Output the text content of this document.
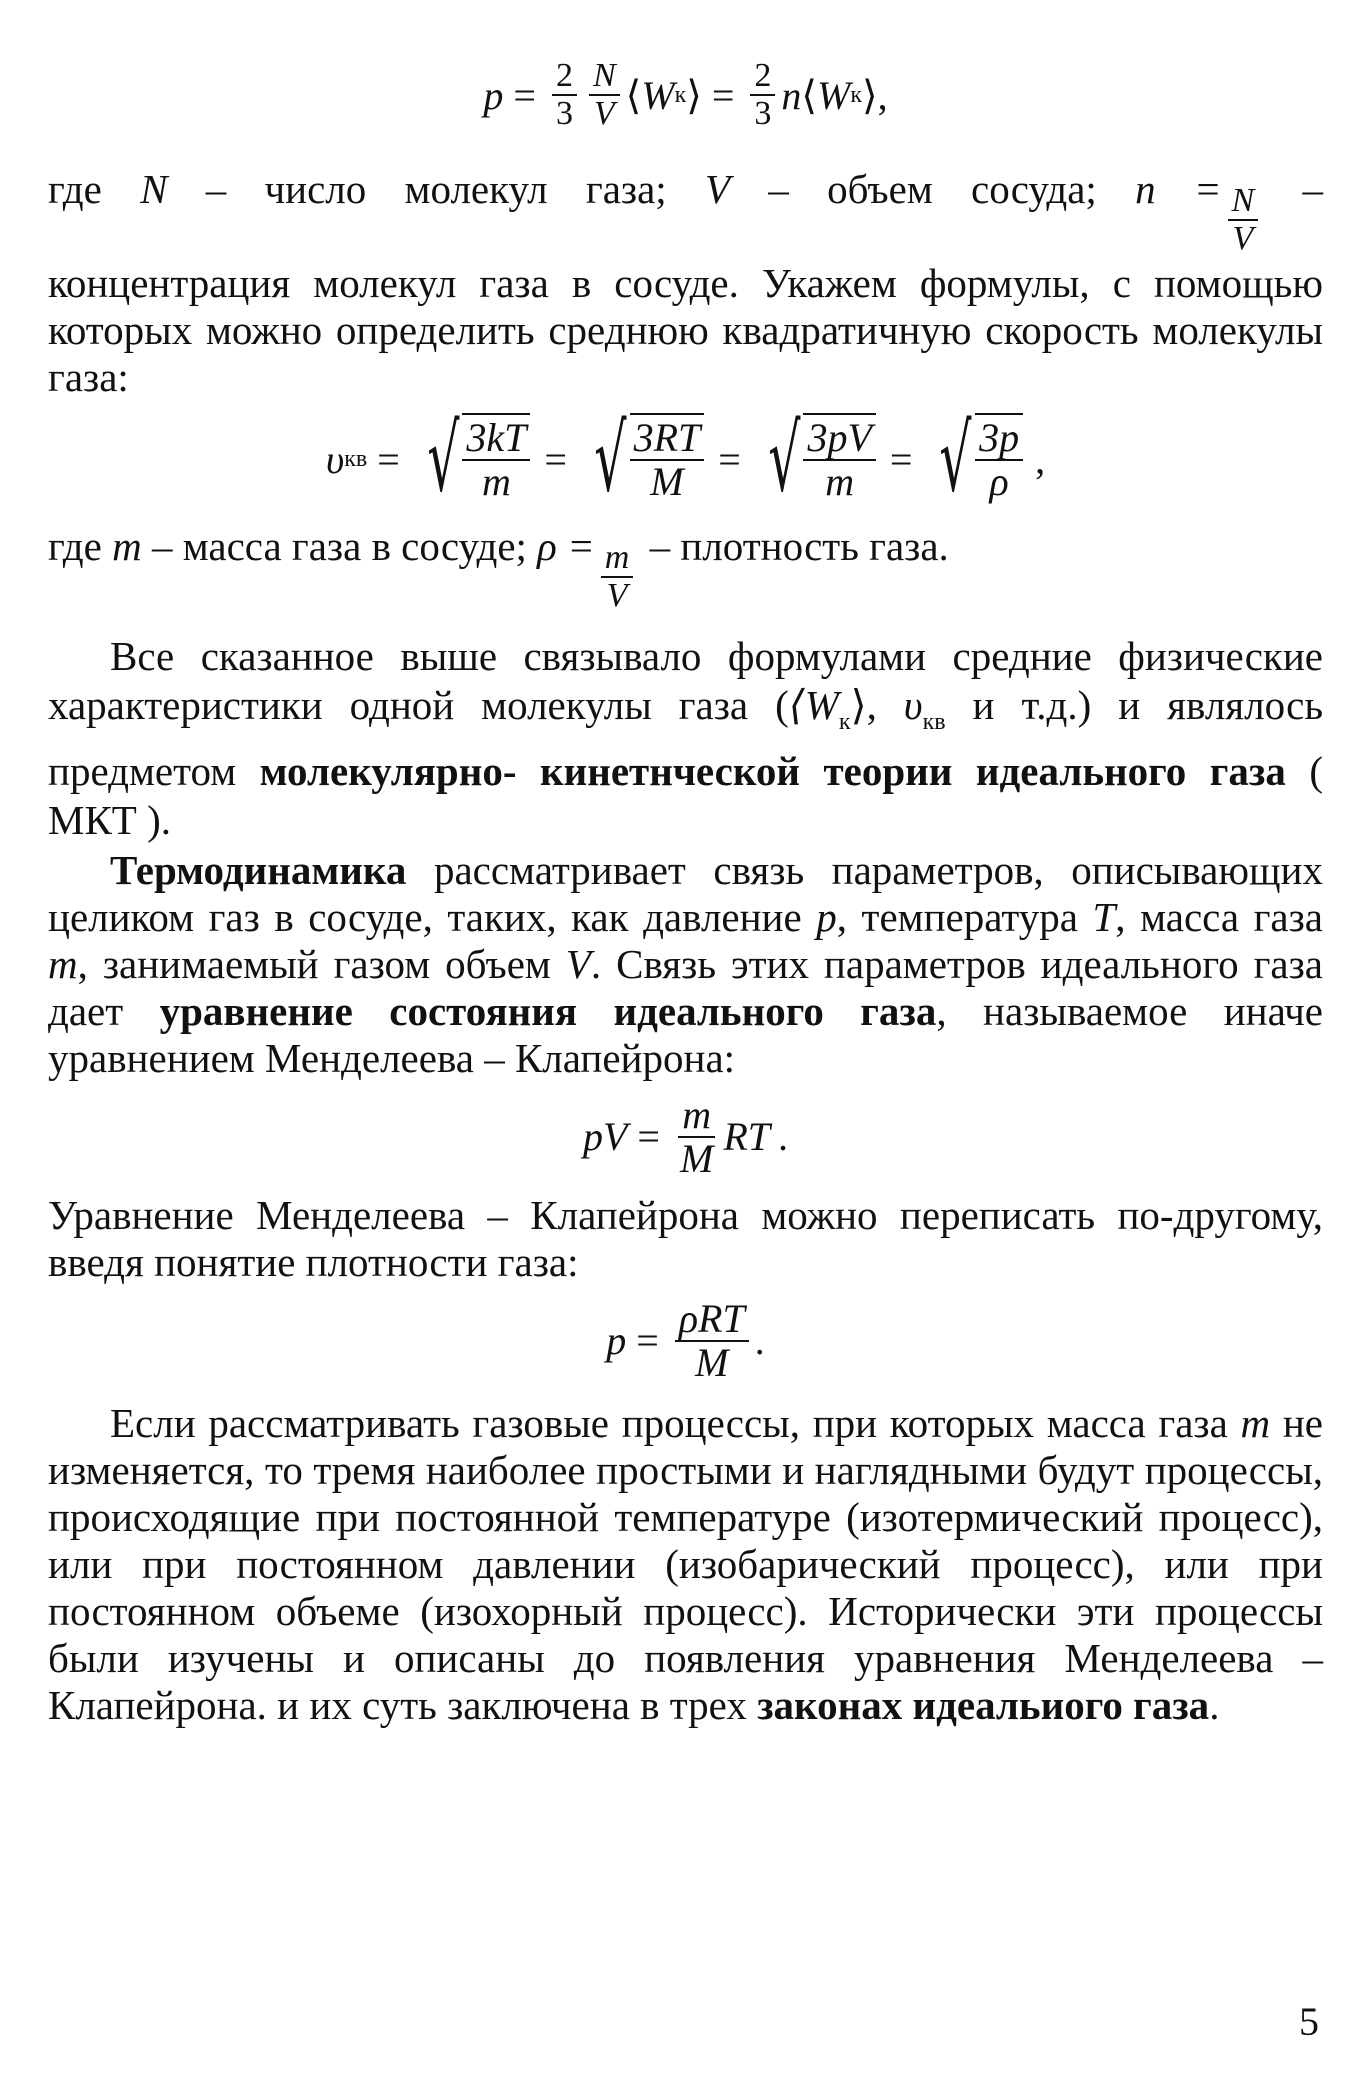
$p = \frac{2}{3} \frac{N}{V}$ ⟨ W к ⟩ = $\frac{2}{3}$ n ⟨ W к ⟩ ,

где N – число молекул газа; V – объем сосуда; $n = \frac{N}{V}$ –

концентрация молекул газа в сосуде. Укажем формулы, с помощью которых можно определить среднюю квадратичную скорость молекулы газа:

υ кв = √ $\frac{3kT}{m}$ = √ $\frac{3RT}{M}$ = √ $\frac{3pV}{m}$ = √ $\frac{3p}{\rho}$ ,

где m – масса газа в сосуде; $\rho = \frac{m}{V}$ – плотность газа.

Все сказанное выше связывало формулами средние физические характеристики одной молекулы газа ($⟨W_к⟩$, $\upsilon_{кв}$ и т.д.) и являлось предметом молекулярно- кинетнческой теории идеального газа ( МКТ ).

Термодинамика рассматривает связь параметров, описывающих целиком газ в сосуде, таких, как давление p, температура T, масса газа m, занимаемый газом объем V. Связь этих параметров идеального газа дает уравнение состояния идеального газа, называемое иначе уравнением Менделеева – Клапейрона:

pV = $\frac{m}{M}$ RT .

Уравнение Менделеева – Клапейрона можно переписать по-другому, введя понятие плотности газа:

$p = \frac{\text{ρRT}}{M}$ .

Если рассматривать газовые процессы, при которых масса газа m не изменяется, то тремя наиболее простыми и наглядными будут процессы, происходящие при постоянной температуре (изотермический процесс), или при постоянном давлении (изобарический процесс), или при постоянном объеме (изохорный процесс). Исторически эти процессы были изучены и описаны до появления уравнения Менделеева – Клапейрона. и их суть заключена в трех законах идеальиого газа.

5
